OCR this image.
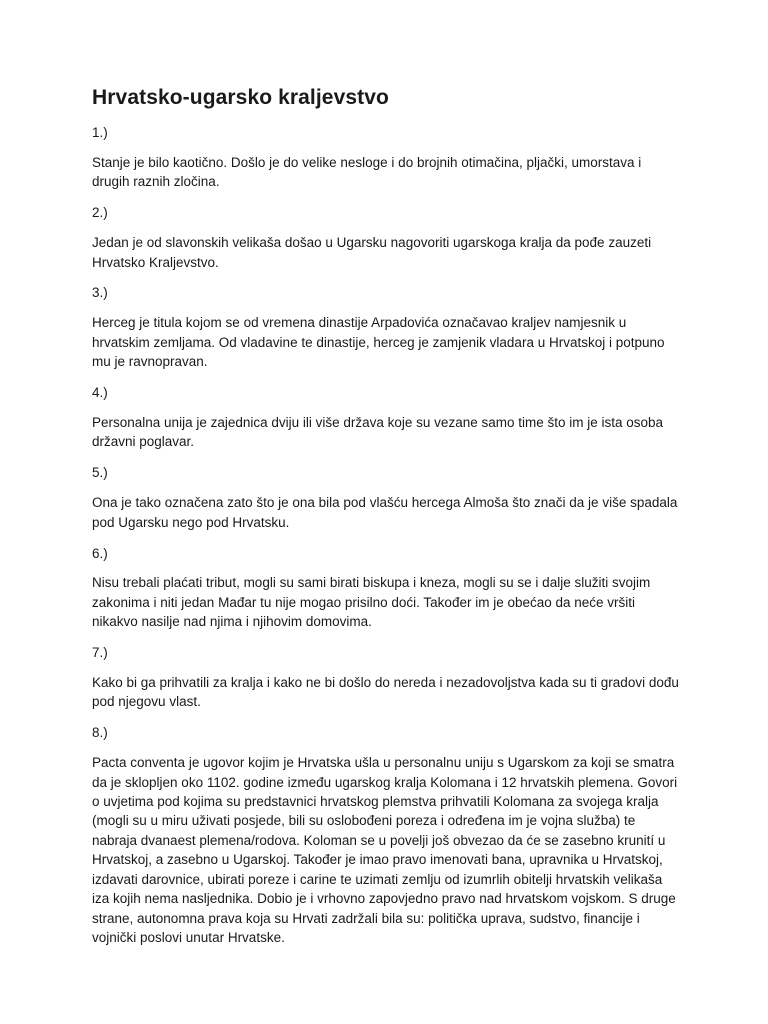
Hrvatsko-ugarsko kraljevstvo

1.)

Stanje je bilo kaotično. Došlo je do velike nesloge i do brojnih otimačina, pljački, umorstava i drugih raznih zločina.

2.)

Jedan je od slavonskih velikaša došao u Ugarsku nagovoriti ugarskoga kralja da pođe zauzeti Hrvatsko Kraljevstvo.

3.)

Herceg je titula kojom se od vremena dinastije Arpadovića označavao kraljev namjesnik u hrvatskim zemljama. Od vladavine te dinastije, herceg je zamjenik vladara u Hrvatskoj i potpuno mu je ravnopravan.

4.)

Personalna unija je zajednica dviju ili više država koje su vezane samo time što im je ista osoba državni poglavar.

5.)

Ona je tako označena zato što je ona bila pod vlašću hercega Almoša što znači da je više spadala pod Ugarsku nego pod Hrvatsku.

6.)

Nisu trebali plaćati tribut, mogli su sami birati biskupa i kneza, mogli su se i dalje služiti svojim zakonima i niti jedan Mađar tu nije mogao prisilno doći. Također im je obećao da neće vršiti nikakvo nasilje nad njima i njihovim domovima.

7.)

Kako bi ga prihvatili za kralja i kako ne bi došlo do nereda i nezadovoljstva kada su ti gradovi dođu pod njegovu vlast.

8.)

Pacta conventa je ugovor kojim je Hrvatska ušla u personalnu uniju s Ugarskom za koji se smatra da je sklopljen oko 1102. godine između ugarskog kralja Kolomana i 12 hrvatskih plemena. Govori o uvjetima pod kojima su predstavnici hrvatskog plemstva prihvatili Kolomana za svojega kralja (mogli su u miru uživati posjede, bili su oslobođeni poreza i određena im je vojna služba) te nabraja dvanaest plemena/rodova. Koloman se u povelji još obvezao da će se zasebno krunití u Hrvatskoj, a zasebno u Ugarskoj. Također je imao pravo imenovati bana, upravnika u Hrvatskoj, izdavati darovnice, ubirati poreze i carine te uzimati zemlju od izumrlih obitelji hrvatskih velikaša iza kojih nema nasljednika. Dobio je i vrhovno zapovjedno pravo nad hrvatskom vojskom. S druge strane, autonomna prava koja su Hrvati zadržali bila su: politička uprava, sudstvo, financije i vojnički poslovi unutar Hrvatske.
